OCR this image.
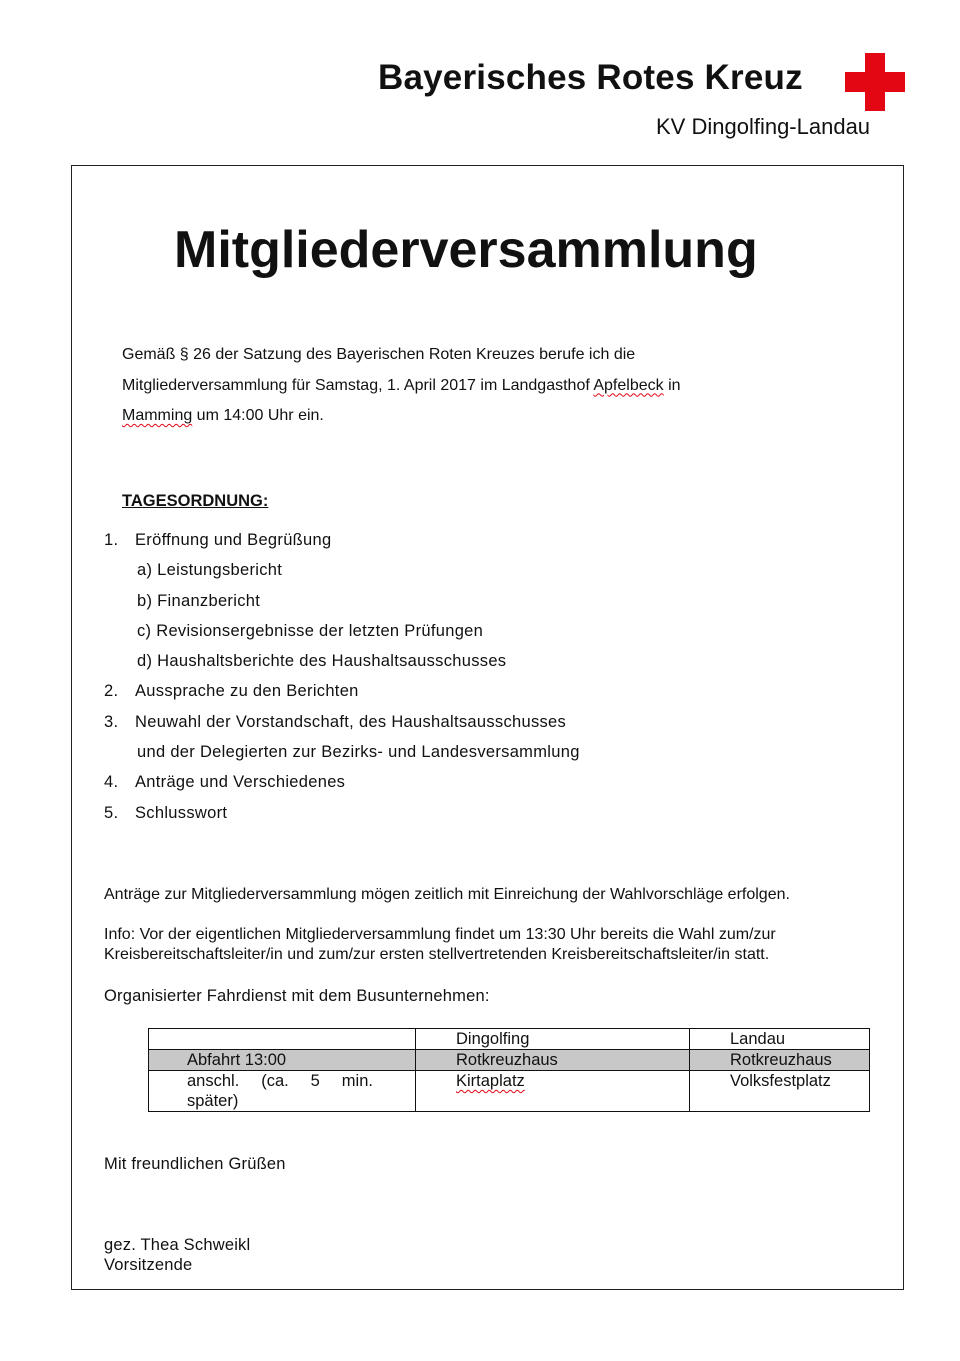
Bayerisches Rotes Kreuz
KV Dingolfing-Landau
Mitgliederversammlung
Gemäß § 26 der Satzung des Bayerischen Roten Kreuzes berufe ich die
Mitgliederversammlung für Samstag, 1. April 2017 im Landgasthof Apfelbeck in
Mamming um 14:00 Uhr ein.
TAGESORDNUNG:
1. Eröffnung und Begrüßung
a) Leistungsbericht
b) Finanzbericht
c) Revisionsergebnisse der letzten Prüfungen
d) Haushaltsberichte des Haushaltsausschusses
2. Aussprache zu den Berichten
3. Neuwahl der Vorstandschaft, des Haushaltsausschusses
und der Delegierten zur Bezirks- und Landesversammlung
4. Anträge und Verschiedenes
5. Schlusswort
Anträge zur Mitgliederversammlung mögen zeitlich mit Einreichung der Wahlvorschläge erfolgen.
Info: Vor der eigentlichen Mitgliederversammlung findet um 13:30 Uhr bereits die Wahl zum/zur
Kreisbereitschaftsleiter/in und zum/zur ersten stellvertretenden Kreisbereitschaftsleiter/in statt.
Organisierter Fahrdienst mit dem Busunternehmen:
	Dingolfing	Landau
Abfahrt 13:00	Rotkreuzhaus	Rotkreuzhaus

anschl. (ca. 5 min.
später)	Kirtaplatz	Volksfestplatz
Mit freundlichen Grüßen
gez. Thea Schweikl
Vorsitzende
